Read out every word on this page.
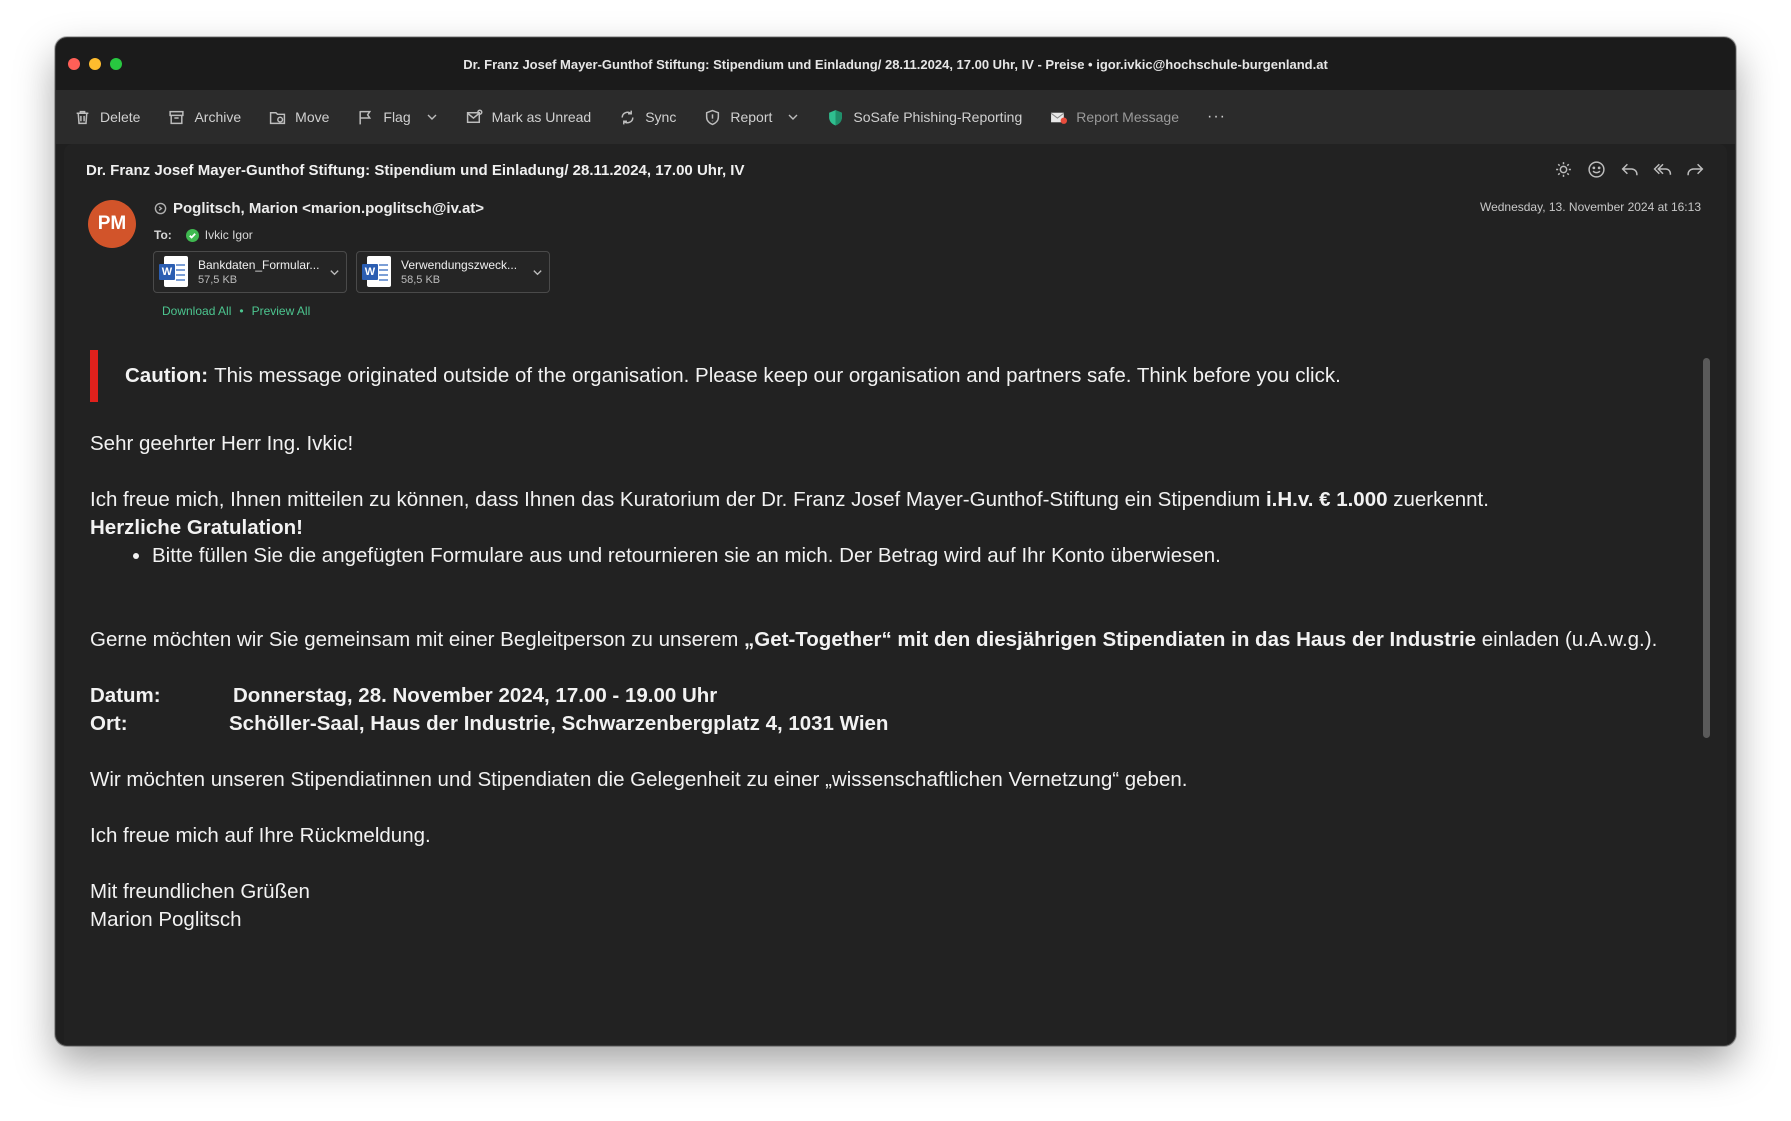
Dr. Franz Josef Mayer-Gunthof Stiftung: Stipendium und Einladung/ 28.11.2024, 17.00 Uhr, IV - Preise • igor.ivkic@hochschule-burgenland.at
Delete	Archive	Move	Flag	Mark as Unread	Sync	Report	SoSafe Phishing-Reporting	Report Message ···
Dr. Franz Josef Mayer-Gunthof Stiftung: Stipendium und Einladung/ 28.11.2024, 17.00 Uhr, IV
PM
Poglitsch, Marion <marion.poglitsch@iv.at>	Wednesday, 13. November 2024 at 16:13
To:	Ivkic Igor
W Bankdaten_Formular...
57,5 KB
W Verwendungszweck...
58,5 KB
Download All • Preview All
Caution: This message originated outside of the organisation. Please keep our organisation and partners safe. Think before you click.

Sehr geehrter Herr Ing. Ivkic!

Ich freue mich, Ihnen mitteilen zu können, dass Ihnen das Kuratorium der Dr. Franz Josef Mayer-Gunthof-Stiftung ein Stipendium i.H.v. € 1.000 zuerkennt.

Herzliche Gratulation!

• Bitte füllen Sie die angefügten Formulare aus und retournieren sie an mich. Der Betrag wird auf Ihr Konto überwiesen.

Gerne möchten wir Sie gemeinsam mit einer Begleitperson zu unserem „Get-Together“ mit den diesjährigen Stipendiaten in das Haus der Industrie einladen (u.A.w.g.).

Datum:	Donnerstag, 28. November 2024, 17.00 - 19.00 Uhr
Ort:	Schöller-Saal, Haus der Industrie, Schwarzenbergplatz 4, 1031 Wien

Wir möchten unseren Stipendiatinnen und Stipendiaten die Gelegenheit zu einer „wissenschaftlichen Vernetzung“ geben.

Ich freue mich auf Ihre Rückmeldung.

Mit freundlichen Grüßen

Marion Poglitsch
